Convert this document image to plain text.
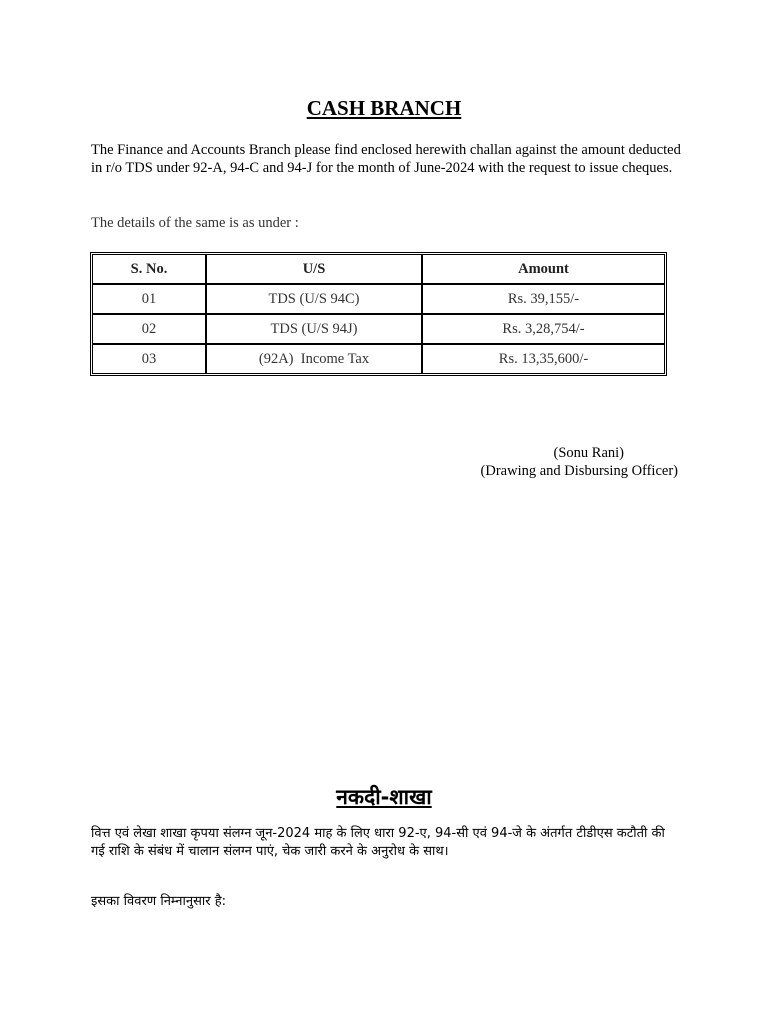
CASH BRANCH

The Finance and Accounts Branch please find enclosed herewith challan against the amount deducted in r/o TDS under 92-A, 94-C and 94-J for the month of June-2024 with the request to issue cheques.

The details of the same is as under :

S. No.	U/S	Amount
01	TDS (U/S 94C)	Rs. 39,155/-
02	TDS (U/S 94J)	Rs. 3,28,754/-
03	(92A)  Income Tax	Rs. 13,35,600/-
(Sonu Rani)
(Drawing and Disbursing Officer)
नकदी-शाखा

वित्त एवं लेखा शाखा कृपया संलग्न जून-2024 माह के लिए धारा 92-ए, 94-सी एवं 94-जे के अंतर्गत टीडीएस कटौती की गई राशि के संबंध में चालान संलग्न पाएं, चेक जारी करने के अनुरोध के साथ।

इसका विवरण निम्नानुसार है:
